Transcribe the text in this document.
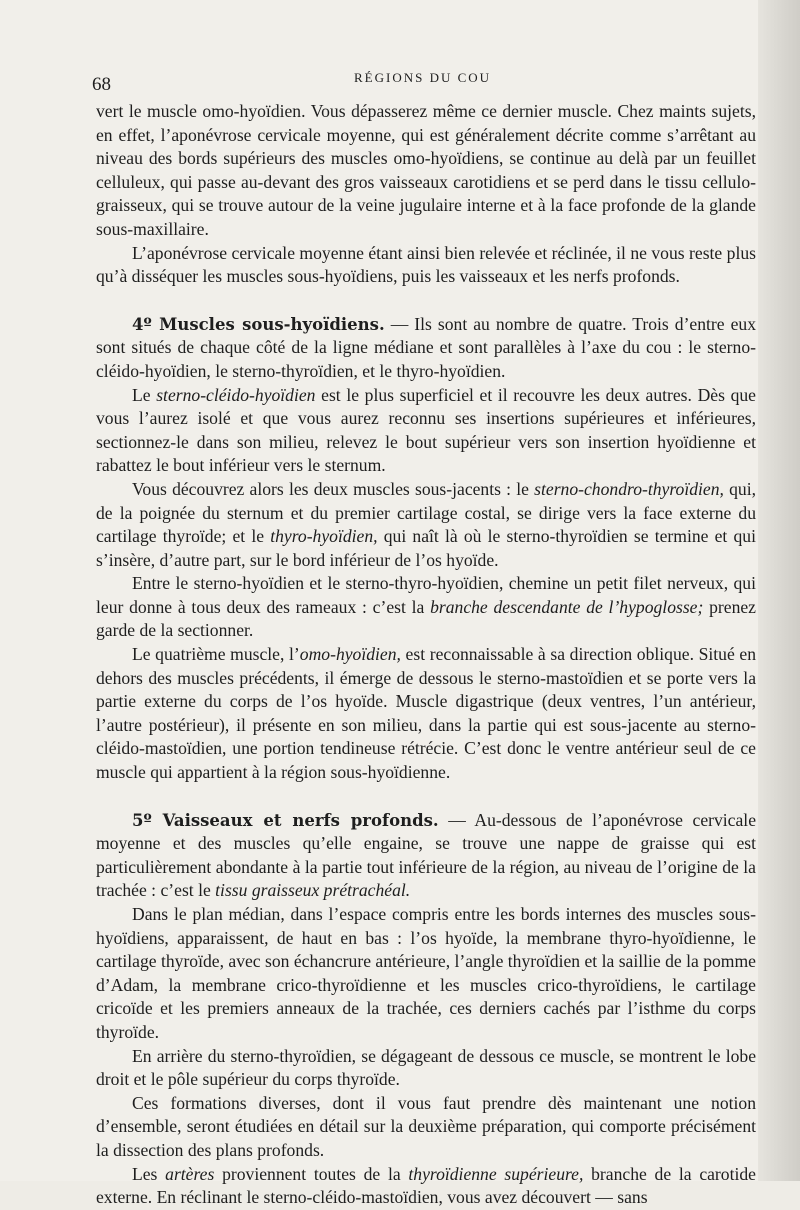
68	RÉGIONS DU COU

vert le muscle omo-hyoïdien. Vous dépasserez même ce dernier muscle. Chez maints sujets, en effet, l’aponévrose cervicale moyenne, qui est généralement décrite comme s’arrêtant au niveau des bords supérieurs des muscles omo-hyoïdiens, se continue au delà par un feuillet celluleux, qui passe au-devant des gros vaisseaux carotidiens et se perd dans le tissu cellulo-graisseux, qui se trouve autour de la veine jugulaire interne et à la face profonde de la glande sous-maxillaire.

L’aponévrose cervicale moyenne étant ainsi bien relevée et réclinée, il ne vous reste plus qu’à disséquer les muscles sous-hyoïdiens, puis les vaisseaux et les nerfs profonds.

4º Muscles sous-hyoïdiens. — Ils sont au nombre de quatre. Trois d’entre eux sont situés de chaque côté de la ligne médiane et sont parallèles à l’axe du cou : le sterno-cléido-hyoïdien, le sterno-thyroïdien, et le thyro-hyoïdien.

Le sterno-cléido-hyoïdien est le plus superficiel et il recouvre les deux autres. Dès que vous l’aurez isolé et que vous aurez reconnu ses insertions supérieures et inférieures, sectionnez-le dans son milieu, relevez le bout supérieur vers son insertion hyoïdienne et rabattez le bout inférieur vers le sternum.

Vous découvrez alors les deux muscles sous-jacents : le sterno-chondro-thyroïdien, qui, de la poignée du sternum et du premier cartilage costal, se dirige vers la face externe du cartilage thyroïde; et le thyro-hyoïdien, qui naît là où le sterno-thyroïdien se termine et qui s’insère, d’autre part, sur le bord inférieur de l’os hyoïde.

Entre le sterno-hyoïdien et le sterno-thyro-hyoïdien, chemine un petit filet nerveux, qui leur donne à tous deux des rameaux : c’est la branche descendante de l’hypoglosse; prenez garde de la sectionner.

Le quatrième muscle, l’omo-hyoïdien, est reconnaissable à sa direction oblique. Situé en dehors des muscles précédents, il émerge de dessous le sterno-mastoïdien et se porte vers la partie externe du corps de l’os hyoïde. Muscle digastrique (deux ventres, l’un antérieur, l’autre postérieur), il présente en son milieu, dans la partie qui est sous-jacente au sterno-cléido-mastoïdien, une portion tendineuse rétrécie. C’est donc le ventre antérieur seul de ce muscle qui appartient à la région sous-hyoïdienne.

5º Vaisseaux et nerfs profonds. — Au-dessous de l’aponévrose cervicale moyenne et des muscles qu’elle engaine, se trouve une nappe de graisse qui est particulièrement abondante à la partie tout inférieure de la région, au niveau de l’origine de la trachée : c’est le tissu graisseux prétrachéal.

Dans le plan médian, dans l’espace compris entre les bords internes des muscles sous-hyoïdiens, apparaissent, de haut en bas : l’os hyoïde, la membrane thyro-hyoïdienne, le cartilage thyroïde, avec son échancrure antérieure, l’angle thyroïdien et la saillie de la pomme d’Adam, la membrane crico-thyroïdienne et les muscles crico-thyroïdiens, le cartilage cricoïde et les premiers anneaux de la trachée, ces derniers cachés par l’isthme du corps thyroïde.

En arrière du sterno-thyroïdien, se dégageant de dessous ce muscle, se montrent le lobe droit et le pôle supérieur du corps thyroïde.

Ces formations diverses, dont il vous faut prendre dès maintenant une notion d’ensemble, seront étudiées en détail sur la deuxième préparation, qui comporte précisément la dissection des plans profonds.

Les artères proviennent toutes de la thyroïdienne supérieure, branche de la carotide externe. En réclinant le sterno-cléido-mastoïdien, vous avez découvert — sans
